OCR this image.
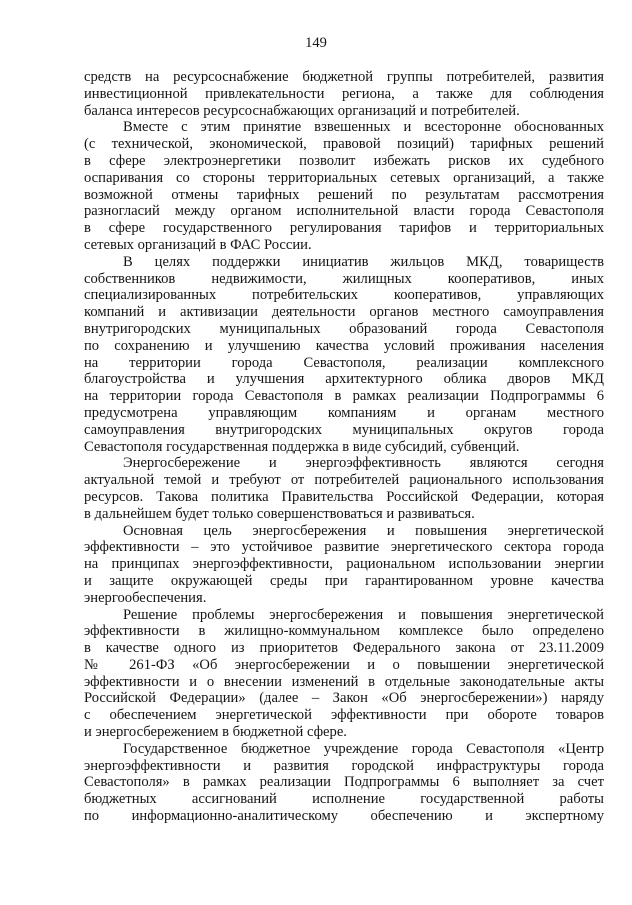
149
средств на ресурсоснабжение бюджетной группы потребителей, развития
инвестиционной привлекательности региона, а также для соблюдения
баланса интересов ресурсоснабжающих организаций и потребителей.
Вместе с этим принятие взвешенных и всесторонне обоснованных
(с технической, экономической, правовой позиций) тарифных решений
в сфере электроэнергетики позволит избежать рисков их судебного
оспаривания со стороны территориальных сетевых организаций, а также
возможной отмены тарифных решений по результатам рассмотрения
разногласий между органом исполнительной власти города Севастополя
в сфере государственного регулирования тарифов и территориальных
сетевых организаций в ФАС России.
В целях поддержки инициатив жильцов МКД, товариществ
собственников недвижимости, жилищных кооперативов, иных
специализированных потребительских кооперативов, управляющих
компаний и активизации деятельности органов местного самоуправления
внутригородских муниципальных образований города Севастополя
по сохранению и улучшению качества условий проживания населения
на территории города Севастополя, реализации комплексного
благоустройства и улучшения архитектурного облика дворов МКД
на территории города Севастополя в рамках реализации Подпрограммы 6
предусмотрена управляющим компаниям и органам местного
самоуправления внутригородских муниципальных округов города
Севастополя государственная поддержка в виде субсидий, субвенций.
Энергосбережение и энергоэффективность являются сегодня
актуальной темой и требуют от потребителей рационального использования
ресурсов. Такова политика Правительства Российской Федерации, которая
в дальнейшем будет только совершенствоваться и развиваться.
Основная цель энергосбережения и повышения энергетической
эффективности – это устойчивое развитие энергетического сектора города
на принципах энергоэффективности, рациональном использовании энергии
и защите окружающей среды при гарантированном уровне качества
энергообеспечения.
Решение проблемы энергосбережения и повышения энергетической
эффективности в жилищно-коммунальном комплексе было определено
в качестве одного из приоритетов Федерального закона от 23.11.2009
№ 261-ФЗ «Об энергосбережении и о повышении энергетической
эффективности и о внесении изменений в отдельные законодательные акты
Российской Федерации» (далее – Закон «Об энергосбережении») наряду
с обеспечением энергетической эффективности при обороте товаров
и энергосбережением в бюджетной сфере.
Государственное бюджетное учреждение города Севастополя «Центр
энергоэффективности и развития городской инфраструктуры города
Севастополя» в рамках реализации Подпрограммы 6 выполняет за счет
бюджетных ассигнований исполнение государственной работы
по информационно-аналитическому обеспечению и экспертному
